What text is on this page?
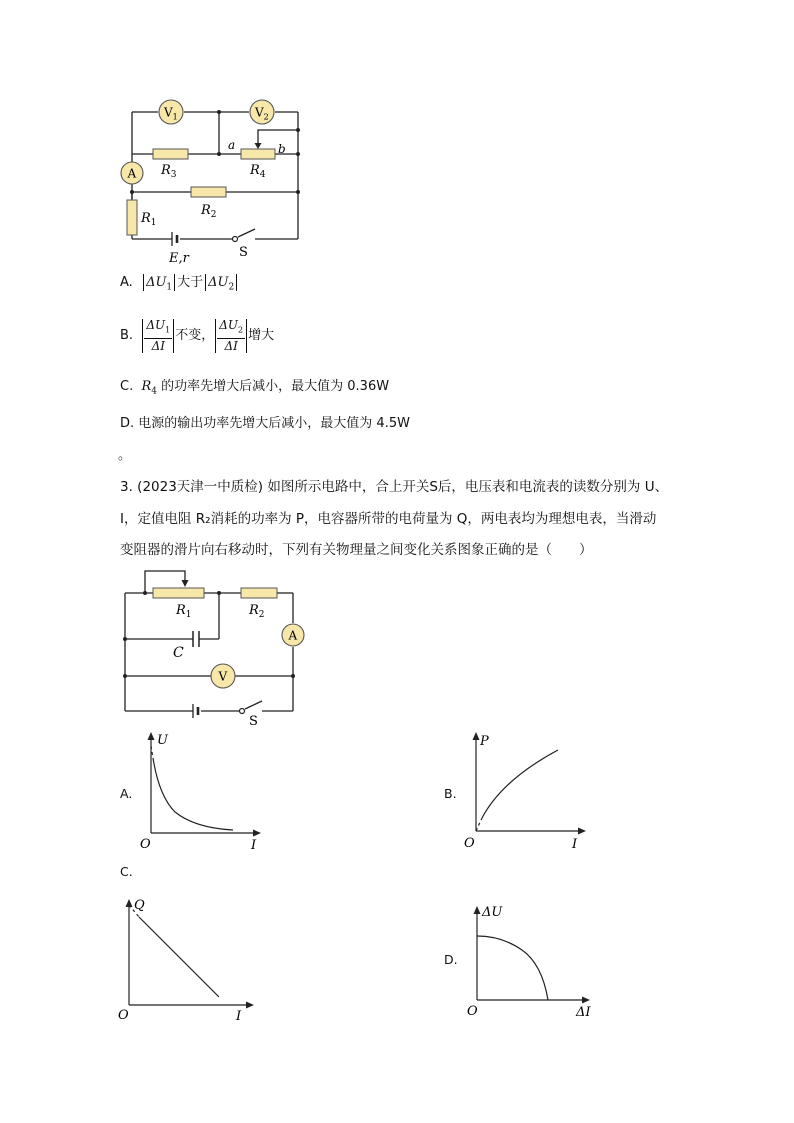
$V_1$	$V_2$
A $R_3$	$R_4$
$R_2$
$R_1$
a	b
E,r	S
A. $\Delta U_1$ 大于 $\Delta U_2$
B. $\frac{\Delta U_1}{\Delta I}$ 不变， $\frac{\Delta U_2}{\Delta I}$ 增大
C. $R_4$ 的功率先增大后减小，最大值为 0.36W
D. 电源的输出功率先增大后减小，最大值为 4.5W
。
3. (2023天津一中质检) 如图所示电路中，合上开关S后，电压表和电流表的读数分别为 U、
I，定值电阻 R₂消耗的功率为 P，电容器所带的电荷量为 Q，两电表均为理想电表，当滑动
变阻器的滑片向右移动时，下列有关物理量之间变化关系图象正确的是（　　）
$R_1$	$R_2$
A
C
V
S
A.
U
I
O
B.
P
I
O
C.
Q
I
O
D.
ΔU
ΔI
O
